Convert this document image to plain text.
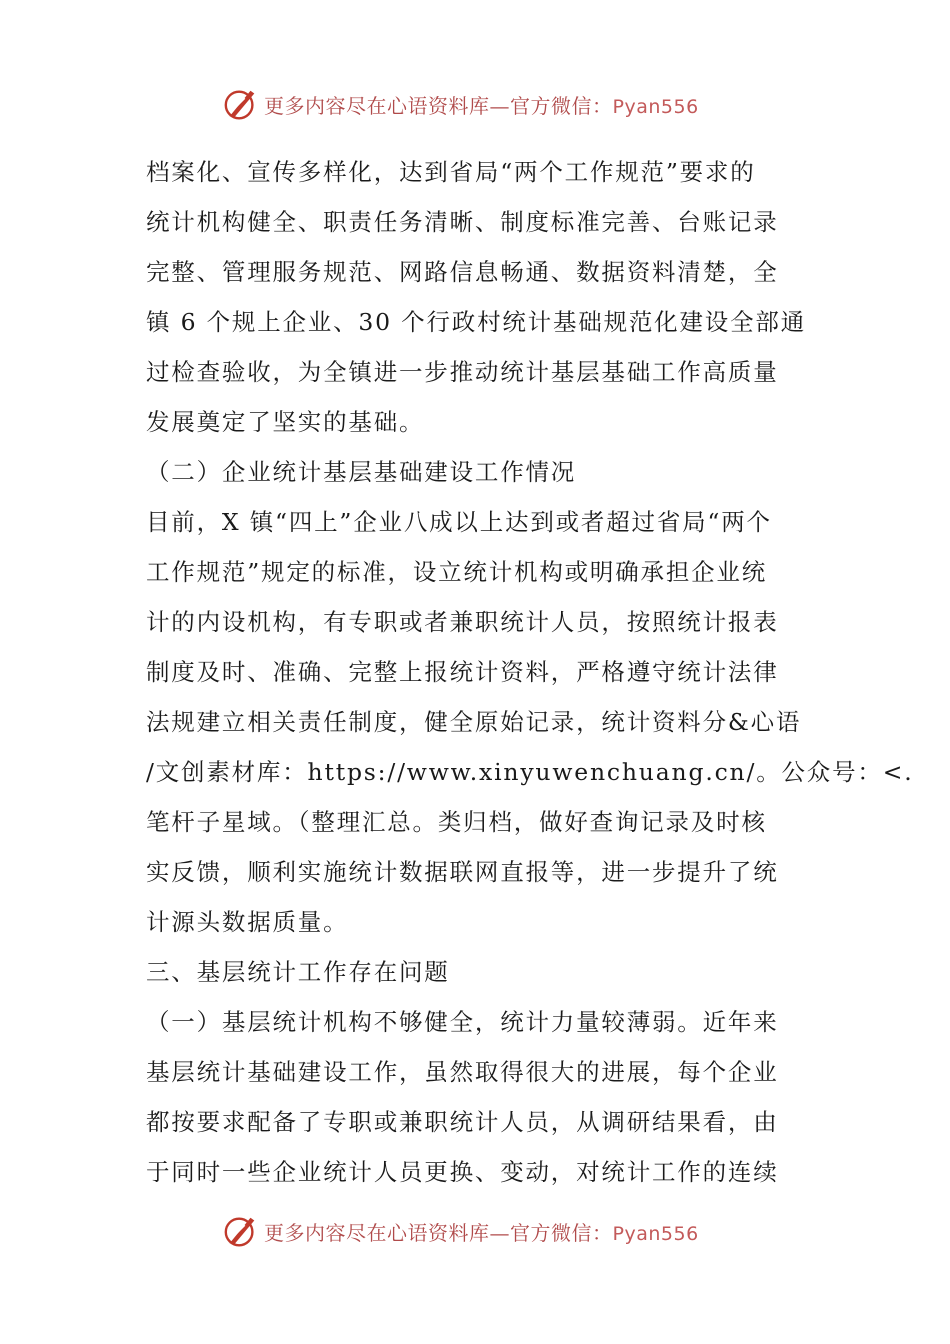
更多内容尽在心语资料库—官方微信：Pyan556
档案化、宣传多样化，达到省局“两个工作规范”要求的
统计机构健全、职责任务清晰、制度标准完善、台账记录
完整、管理服务规范、网路信息畅通、数据资料清楚，全
镇 6 个规上企业、30 个行政村统计基础规范化建设全部通
过检查验收，为全镇进一步推动统计基层基础工作高质量
发展奠定了坚实的基础。
（二）企业统计基层基础建设工作情况
目前，X 镇“四上”企业八成以上达到或者超过省局“两个
工作规范”规定的标准，设立统计机构或明确承担企业统
计的内设机构，有专职或者兼职统计人员，按照统计报表
制度及时、准确、完整上报统计资料，严格遵守统计法律
法规建立相关责任制度，健全原始记录，统计资料分&心语
/文创素材库：https://www.xinyuwenchuang.cn/。公众号：<.
笔杆子星域。（整理汇总。类归档，做好查询记录及时核
实反馈，顺利实施统计数据联网直报等，进一步提升了统
计源头数据质量。
三、基层统计工作存在问题
（一）基层统计机构不够健全，统计力量较薄弱。近年来
基层统计基础建设工作，虽然取得很大的进展，每个企业
都按要求配备了专职或兼职统计人员，从调研结果看，由
于同时一些企业统计人员更换、变动，对统计工作的连续
更多内容尽在心语资料库—官方微信：Pyan556
